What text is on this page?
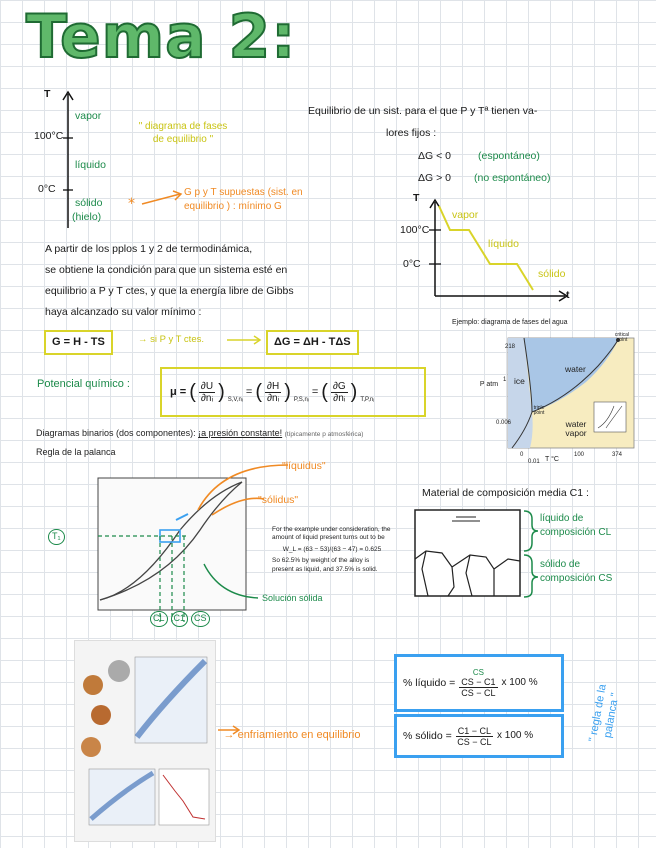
Tema 2:
T
100°C
0°C
vapor
líquido
sólido
(hielo)
" diagrama de fases de equilibrio "
*
G p y T supuestas (sist. en equilibrio ) : mínimo G
A partir de los pplos 1 y 2 de termodinámica,
se obtiene la condición para que un sistema esté en
equilibrio a P y T ctes, y que la energía libre de Gibbs
haya alcanzado su valor mínimo :
G = H - TS	→ si P y T ctes.	ΔG = ΔH - TΔS
Potencial químico :
μ = ( $\frac{\partial U}{\text{∂nᵢ}}$ ) $_{S,V,nⱼ}$
= ( $\frac{\partial H}{\text{∂nᵢ}}$ ) $_{P,S,nⱼ}$
= ( $\frac{\partial G}{\text{∂nᵢ}}$ ) $_{T,P,nⱼ}$
Equilibrio de un sist. para el que P y Tª tienen va-
lores fijos :
ΔG < 0	(espontáneo)
ΔG > 0 (no espontáneo)
T
t
100°C
0°C
vapor
líquido
sólido
Ejemplo: diagrama de fases del agua
218
1
0.006
P atm
T °C
0
0.01
100	374
ice
water
water vapor
critical point
triple point
Diagramas binarios (dos componentes): ¡a presión constante! (típicamente p atmosférica)
Regla de la palanca
"líquidus"
"sólidus"
T₁
CL	C1	CS
Solución sólida
For the example under consideration, the amount of liquid present turns out to be
W_L = (63 − 53)/(63 − 47) = 0.625
So 62.5% by weight of the alloy is present as liquid, and 37.5% is solid.
Material de composición media C1 :
líquido de composición CL
sólido de composición CS
→ enfriamiento en equilibrio
% líquido =
CS
CS − C1
CS − CL
x 100 %
% sólido = $\frac{C1 - CL}{CS - CL}$ x 100 %	" regla de la palanca "
